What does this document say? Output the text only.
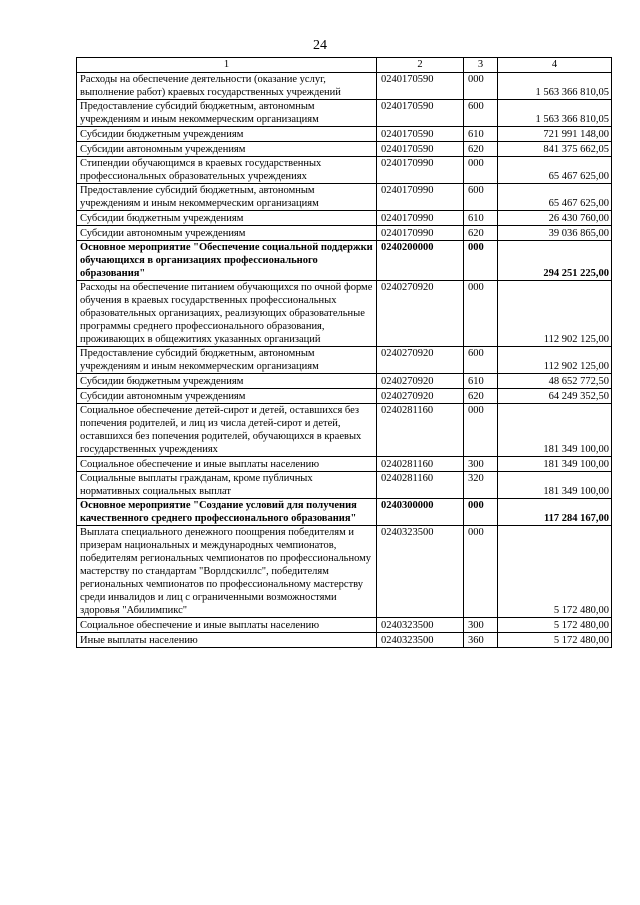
24
1	2	3	4
Расходы на обеспечение деятельности (оказание услуг, выполнение работ) краевых государственных учреждений	0240170590	000	1 563 366 810,05
Предоставление субсидий бюджетным, автономным учреждениям и иным некоммерческим организациям	0240170590	600	1 563 366 810,05
Субсидии бюджетным учреждениям	0240170590	610	721 991 148,00
Субсидии автономным учреждениям	0240170590	620	841 375 662,05
Стипендии обучающимся в краевых государственных профессиональных образовательных учреждениях	0240170990	000	65 467 625,00
Предоставление субсидий бюджетным, автономным учреждениям и иным некоммерческим организациям	0240170990	600	65 467 625,00
Субсидии бюджетным учреждениям	0240170990	610	26 430 760,00
Субсидии автономным учреждениям	0240170990	620	39 036 865,00
Основное мероприятие "Обеспечение социальной поддержки обучающихся в организациях профессионального образования"	0240200000	000	294 251 225,00
Расходы на обеспечение питанием обучающихся по очной форме обучения в краевых государственных профессиональных образовательных организациях, реализующих образовательные программы среднего профессионального образования, проживающих в общежитиях указанных организаций	0240270920	000	112 902 125,00
Предоставление субсидий бюджетным, автономным учреждениям и иным некоммерческим организациям	0240270920	600	112 902 125,00
Субсидии бюджетным учреждениям	0240270920	610	48 652 772,50
Субсидии автономным учреждениям	0240270920	620	64 249 352,50
Социальное обеспечение детей-сирот и детей, оставшихся без попечения родителей, и лиц из числа детей-сирот и детей, оставшихся без попечения родителей, обучающихся в краевых государственных учреждениях	0240281160	000	181 349 100,00
Социальное обеспечение и иные выплаты населению	0240281160	300	181 349 100,00
Социальные выплаты гражданам, кроме публичных нормативных социальных выплат	0240281160	320	181 349 100,00
Основное мероприятие "Создание условий для получения качественного среднего профессионального образования"	0240300000	000	117 284 167,00
Выплата специального денежного поощрения победителям и призерам национальных и международных чемпионатов, победителям региональных чемпионатов по профессиональному мастерству по стандартам "Ворлдскиллс", победителям региональных чемпионатов по профессиональному мастерству среди инвалидов и лиц с ограниченными возможностями здоровья "Абилимпикс"	0240323500	000	5 172 480,00
Социальное обеспечение и иные выплаты населению	0240323500	300	5 172 480,00
Иные выплаты населению	0240323500	360	5 172 480,00
